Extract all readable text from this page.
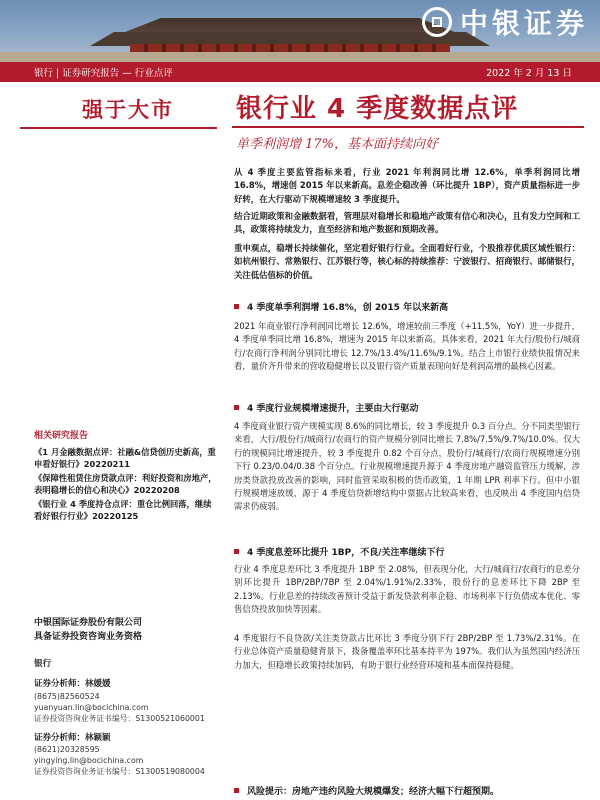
中银证券
银行 | 证券研究报告 — 行业点评	2022 年 2 月 13 日
强于大市
相关研究报告

《1 月金融数据点评：社融&信贷创历史新高，重申看好银行》20220211

《保障性租赁住房贷款点评：利好投资和房地产，表明稳增长的信心和决心》20220208

《银行业 4 季度持仓点评：重仓比例回落，继续看好银行行业》20220125

中银国际证券股份有限公司
具备证券投资咨询业务资格
银行
证券分析师：林媛媛
(8675)82560524
yuanyuan.lin@bocichina.com
证券投资咨询业务证书编号：S1300521060001
证券分析师：林颖颖
(8621)20328595
yingying.lin@bocichina.com
证券投资咨询业务证书编号：S1300519080004
银行业 4 季度数据点评
单季利润增 17%，基本面持续向好

从 4 季度主要监管指标来看，行业 2021 年利润同比增 12.6%，单季利润同比增 16.8%，增速创 2015 年以来新高。息差企稳改善（环比提升 1BP），资产质量指标进一步好转，在大行驱动下规模增速较 3 季度提升。

结合近期政策和金融数据看，管理层对稳增长和稳地产政策有信心和决心，且有发力空间和工具，政策将持续发力，直至经济和地产数据和预期改善。

重申观点，稳增长持续催化，坚定看好银行行业。全面看好行业，个股推荐优质区域性银行：如杭州银行、常熟银行、江苏银行等，核心标的持续推荐：宁波银行、招商银行、邮储银行，关注低估值标的价值。

4 季度单季利润增 16.8%，创 2015 年以来新高

2021 年商业银行净利润同比增长 12.6%，增速较前三季度（+11.5%，YoY）进一步提升，4 季度单季同比增 16.8%，增速为 2015 年以来新高。具体来看，2021 年大行/股份行/城商行/农商行净利润分别同比增长 12.7%/13.4%/11.6%/9.1%。结合上市银行业绩快报情况来看，量价齐升带来的营收稳健增长以及银行资产质量表现向好是利润高增的最核心因素。

4 季度行业规模增速提升，主要由大行驱动

4 季度商业银行资产规模实现 8.6%的同比增长，较 3 季度提升 0.3 百分点。分不同类型银行来看，大行/股份行/城商行/农商行的资产规模分别同比增长 7.8%/7.5%/9.7%/10.0%。仅大行的规模同比增速提升，较 3 季度提升 0.82 个百分点，股份行/城商行/农商行规模增速分别下行 0.23/0.04/0.38 个百分点。行业规模增速提升源于 4 季度房地产融资监管压力缓解，涉房类贷款投放改善的影响，同时监管采取积极的货币政策，1 年期 LPR 利率下行。但中小银行规模增速放缓，源于 4 季度信贷新增结构中票据占比较高来看，也反映出 4 季度国内信贷需求仍疲弱。

4 季度息差环比提升 1BP，不良/关注率继续下行

行业 4 季度息差环比 3 季度提升 1BP 至 2.08%，但表现分化，大行/城商行/农商行的息差分别环比提升 1BP/2BP/7BP 至 2.04%/1.91%/2.33%，股份行的息差环比下降 2BP 至 2.13%。行业息差的持续改善预计受益于新发贷款利率企稳、市场利率下行负债成本优化、零售信贷投放加快等因素。

4 季度银行不良贷款/关注类贷款占比环比 3 季度分别下行 2BP/2BP 至 1.73%/2.31%。在行业总体资产质量稳健背景下，拨备覆盖率环比基本持平为 197%。我们认为虽然国内经济压力加大，但稳增长政策持续加码，有助于银行业经营环境和基本面保持稳健。

风险提示：房地产违约风险大规模爆发；经济大幅下行超预期。
